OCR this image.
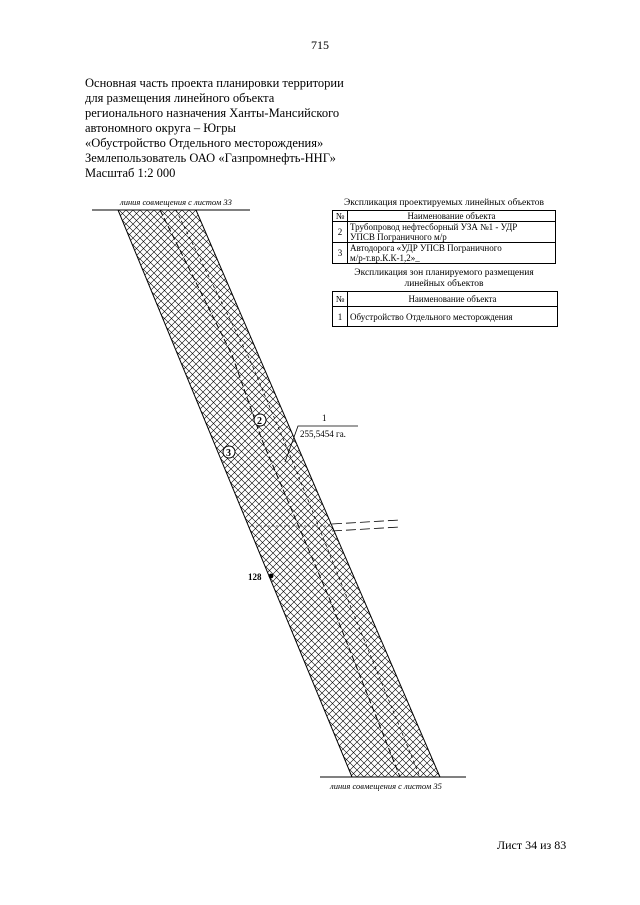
715
Основная часть проекта планировки территории
для размещения линейного объекта
регионального назначения Ханты-Мансийского
автономного округа – Югры
«Обустройство Отдельного месторождения»
Землепользователь ОАО «Газпромнефть-ННГ»
Масштаб 1:2 000
1
255,5454 га.
2
3
128
линия совмещения с листом 33
линия совмещения с листом 35
Экспликация проектируемых линейных объектов
№	Наименование объекта
2	Трубопровод нефтесборный УЗА №1 - УДР
УПСВ Пограничного м/р

3	Автодорога «УДР УПСВ Пограничного
м/р-т.вр.К.К-1,2»_
Экспликация зон планируемого размещения
линейных объектов
№	Наименование объекта
1	Обустройство Отдельного месторождения
Лист 34 из 83
